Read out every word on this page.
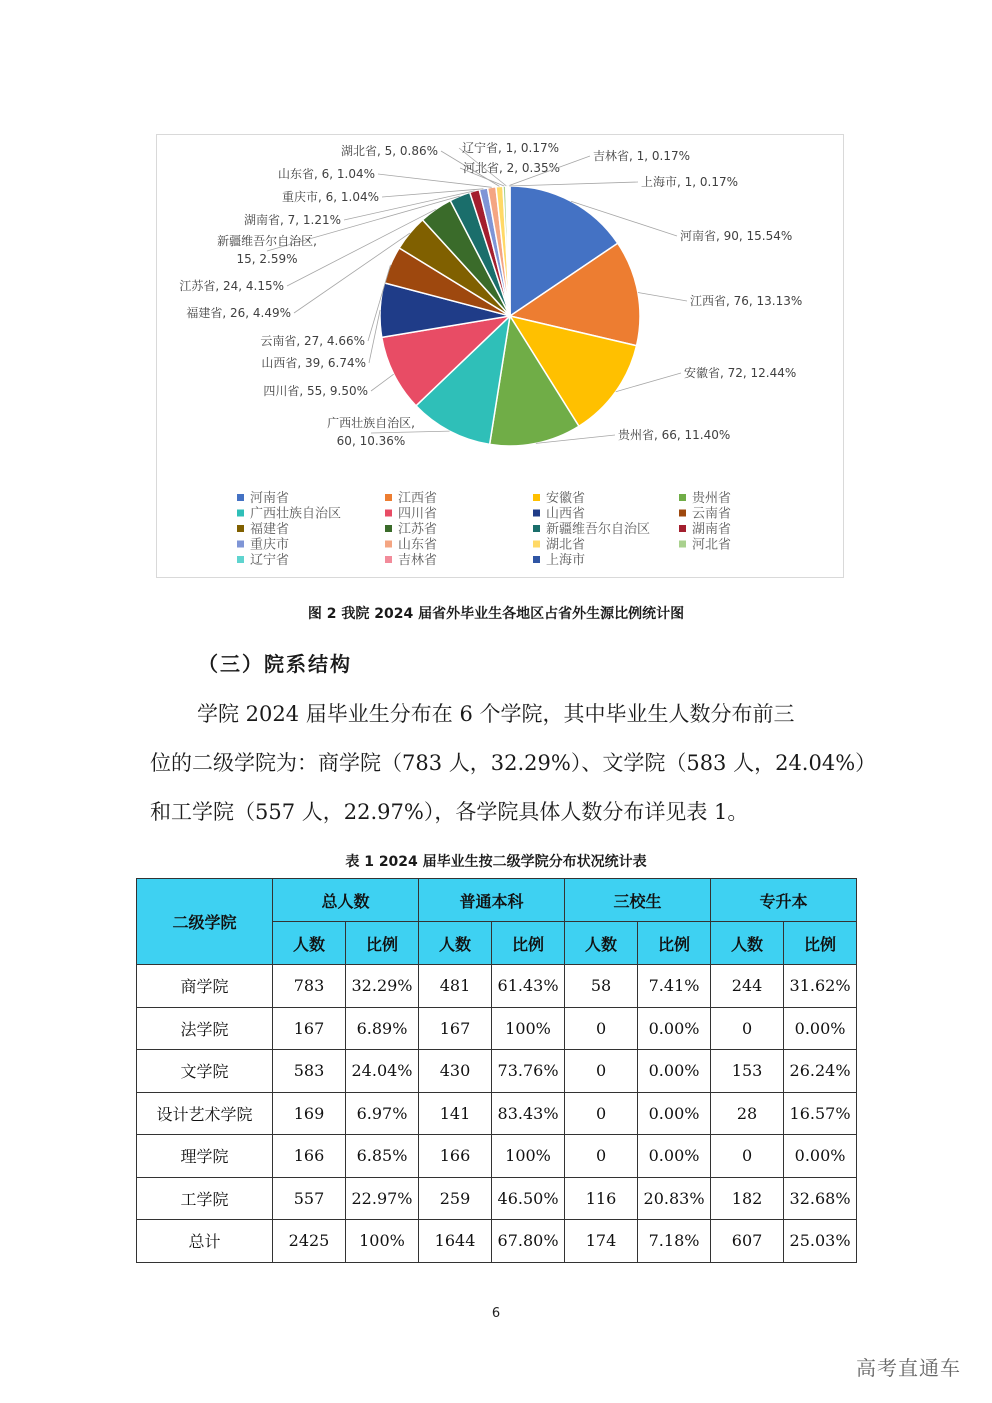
河南省, 90, 15.54%
江西省, 76, 13.13%
安徽省, 72, 12.44%
贵州省, 66, 11.40%
广西壮族自治区, 60, 10.36%
四川省, 55, 9.50%
山西省, 39, 6.74%
云南省, 27, 4.66%
福建省, 26, 4.49%
江苏省, 24, 4.15%
新疆维吾尔自治区, 15, 2.59%
湖南省, 7, 1.21%
重庆市, 6, 1.04%
山东省, 6, 1.04%
湖北省, 5, 0.86%
河北省, 2, 0.35%
辽宁省, 1, 0.17%
吉林省, 1, 0.17%
上海市, 1, 0.17%
河南省	江西省	安徽省	贵州省
广西壮族自治区	四川省	山西省	云南省
福建省	江苏省	新疆维吾尔自治区	湖南省
重庆市	山东省	湖北省	河北省
辽宁省	吉林省	上海市
图 2 我院 2024 届省外毕业生各地区占省外生源比例统计图
（三）院系结构
学院 2024 届毕业生分布在 6 个学院，其中毕业生人数分布前三
位的二级学院为：商学院（783 人，32.29%）、文学院（583 人，24.04%）
和工学院（557 人，22.97%），各学院具体人数分布详见表 1。
表 1 2024 届毕业生按二级学院分布状况统计表
二级学院	总人数		普通本科		三校生		专升本	
	人数	比例	人数	比例	人数	比例	人数	比例
商学院	783	32.29%	481	61.43%	58	7.41%	244	31.62%
法学院	167	6.89%	167	100%	0	0.00%	0	0.00%
文学院	583	24.04%	430	73.76%	0	0.00%	153	26.24%
设计艺术学院	169	6.97%	141	83.43%	0	0.00%	28	16.57%
理学院	166	6.85%	166	100%	0	0.00%	0	0.00%
工学院	557	22.97%	259	46.50%	116	20.83%	182	32.68%
总计	2425	100%	1644	67.80%	174	7.18%	607	25.03%
6
高考直通车
